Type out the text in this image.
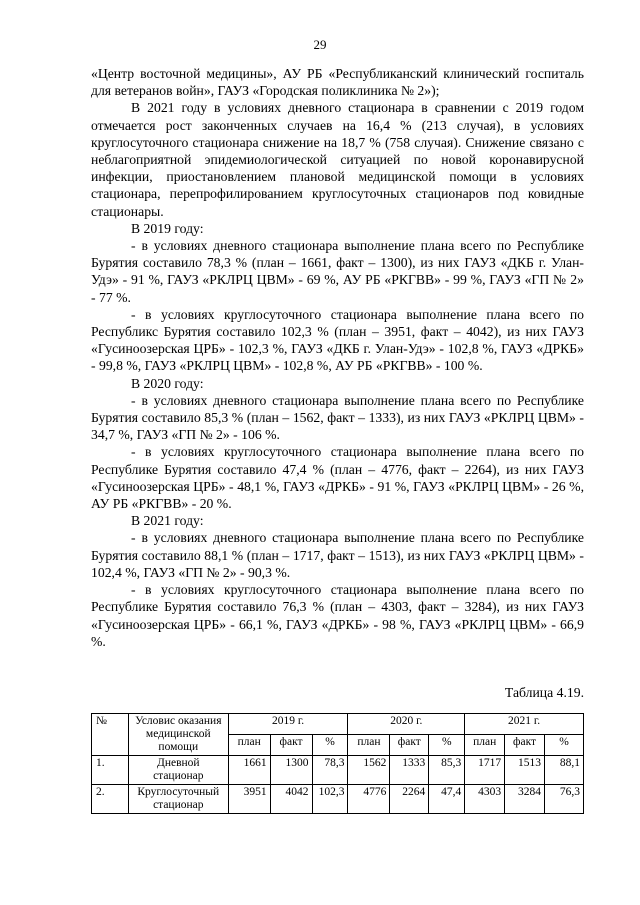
29

«Центр восточной медицины», АУ РБ «Республиканский клинический госпиталь для ветеранов войн», ГАУЗ «Городская поликлиника № 2»);

В 2021 году в условиях дневного стационара в сравнении с 2019 годом отмечается рост законченных случаев на 16,4 % (213 случая), в условиях круглосуточного стационара снижение на 18,7 % (758 случая). Снижение связано с неблагоприятной эпидемиологической ситуацией по новой коронавирусной инфекции, приостановлением плановой медицинской помощи в условиях стационара, перепрофилированием круглосуточных стационаров под ковидные стационары.

В 2019 году:

- в условиях дневного стационара выполнение плана всего по Республике Бурятия составило 78,3 % (план – 1661, факт – 1300), из них ГАУЗ «ДКБ г. Улан-Удэ» - 91 %, ГАУЗ «РКЛРЦ ЦВМ» - 69 %, АУ РБ «РКГВВ» - 99 %, ГАУЗ «ГП № 2» - 77 %.

- в условиях круглосуточного стационара выполнение плана всего по Республикс Бурятия составило 102,3 % (план – 3951, факт – 4042), из них ГАУЗ «Гусиноозерская ЦРБ» - 102,3 %, ГАУЗ «ДКБ г. Улан-Удэ» - 102,8 %, ГАУЗ «ДРКБ» - 99,8 %, ГАУЗ «РКЛРЦ ЦВМ» - 102,8 %, АУ РБ «РКГВВ» - 100 %.

В 2020 году:

- в условиях дневного стационара выполнение плана всего по Республике Бурятия составило 85,3 % (план – 1562, факт – 1333), из них ГАУЗ «РКЛРЦ ЦВМ» - 34,7 %, ГАУЗ «ГП № 2» - 106 %.

- в условиях круглосуточного стационара выполнение плана всего по Республике Бурятия составило 47,4 % (план – 4776, факт – 2264), из них ГАУЗ «Гусиноозерская ЦРБ» - 48,1 %, ГАУЗ «ДРКБ» - 91 %, ГАУЗ «РКЛРЦ ЦВМ» - 26 %, АУ РБ «РКГВВ» - 20 %.

В 2021 году:

- в условиях дневного стационара выполнение плана всего по Республике Бурятия составило 88,1 % (план – 1717, факт – 1513), из них ГАУЗ «РКЛРЦ ЦВМ» - 102,4 %, ГАУЗ «ГП № 2» - 90,3 %.

- в условиях круглосуточного стационара выполнение плана всего по Республике Бурятия составило 76,3 % (план – 4303, факт – 3284), из них ГАУЗ «Гусиноозерская ЦРБ» - 66,1 %, ГАУЗ «ДРКБ» - 98 %, ГАУЗ «РКЛРЦ ЦВМ» - 66,9 %.

Таблица 4.19.
№	Условис оказания медицинской помощи	2019 г.			2020 г.			2021 г.		
		план	факт	%	план	факт	%	план	факт	%
1.	Дневной стационар	1661	1300	78,3	1562	1333	85,3	1717	1513	88,1
2.	Круглосуточный стационар	3951	4042	102,3	4776	2264	47,4	4303	3284	76,3
